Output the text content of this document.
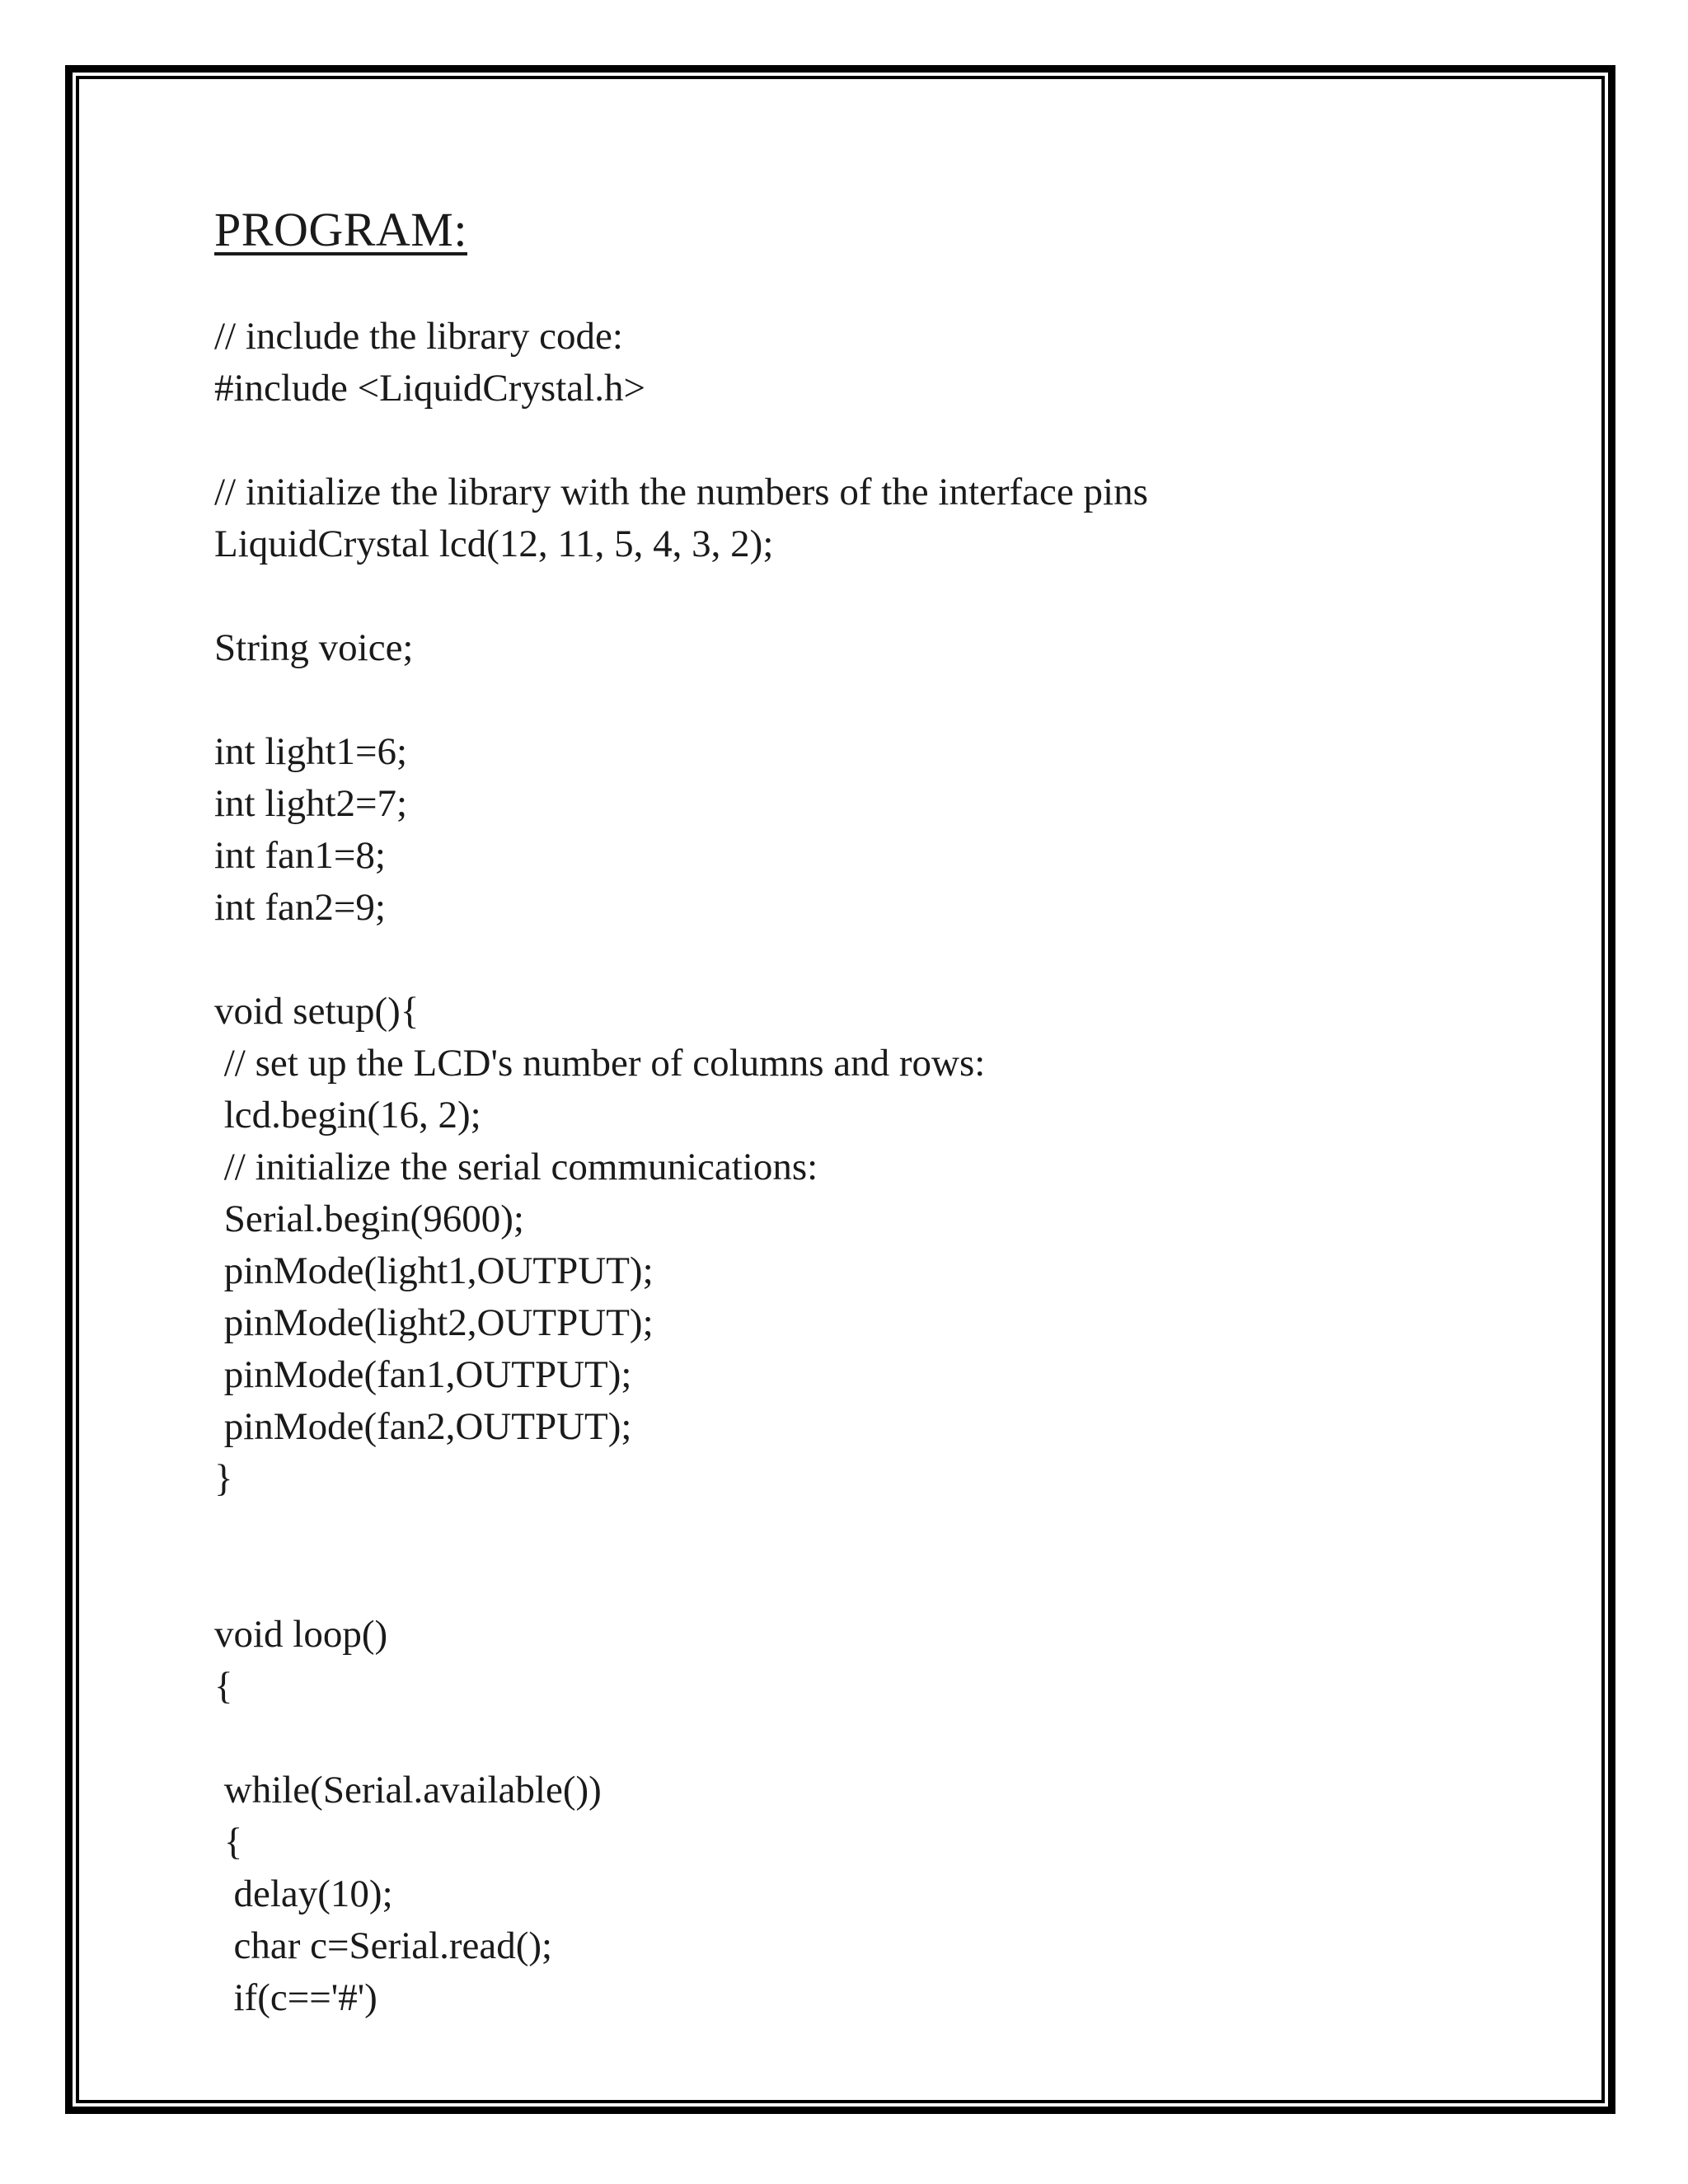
PROGRAM:
// include the library code:
#include <LiquidCrystal.h>
// initialize the library with the numbers of the interface pins
LiquidCrystal lcd(12, 11, 5, 4, 3, 2);
String voice;
int light1=6;
int light2=7;
int fan1=8;
int fan2=9;
void setup(){
// set up the LCD's number of columns and rows:
lcd.begin(16, 2);
// initialize the serial communications:
Serial.begin(9600);
pinMode(light1,OUTPUT);
pinMode(light2,OUTPUT);
pinMode(fan1,OUTPUT);
pinMode(fan2,OUTPUT);
}
void loop()
{
while(Serial.available())
{
delay(10);
char c=Serial.read();
if(c=='#')
